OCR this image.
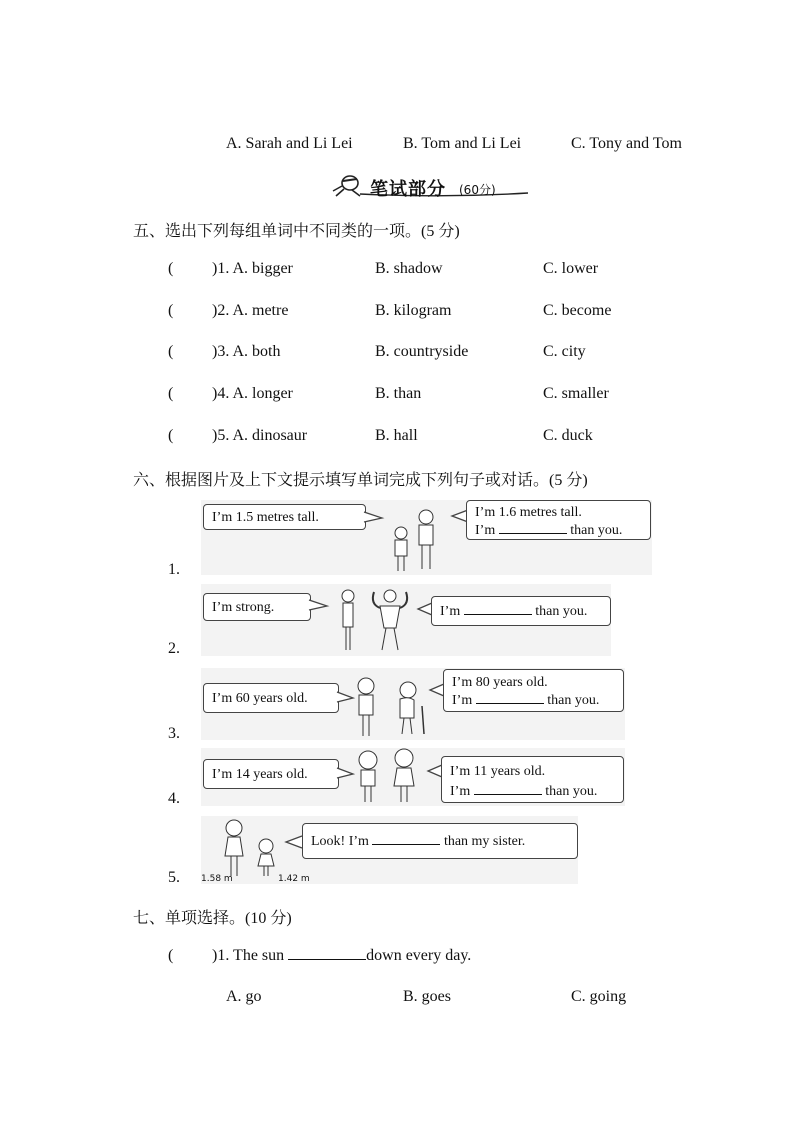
A. Sarah and Li Lei	B. Tom and Li Lei	C. Tony and Tom
笔试部分 (60分)
五、选出下列每组单词中不同类的一项。(5 分)
( )1. A. bigger	B. shadow	C. lower
( )2. A. metre	B. kilogram	C. become
( )3. A. both	B. countryside	C. city
( )4. A. longer	B. than	C. smaller
( )5. A. dinosaur	B. hall	C. duck
六、根据图片及上下文提示填写单词完成下列句子或对话。(5 分)
1.
I’m 1.5 metres tall.	I’m 1.6 metres tall.
I’m	than you.
2.
I’m strong.	I’m	than you.
3.
I’m 60 years old.
I’m 80 years old.
I’m	than you.
4.
I’m 14 years old.	I’m 11 years old.
I’m	than you.
5. 1.58 m	1.42 m
Look! I’m	than my sister.
七、单项选择。(10 分)
( )1. The sun	down every day.
A. go	B. goes	C. going
